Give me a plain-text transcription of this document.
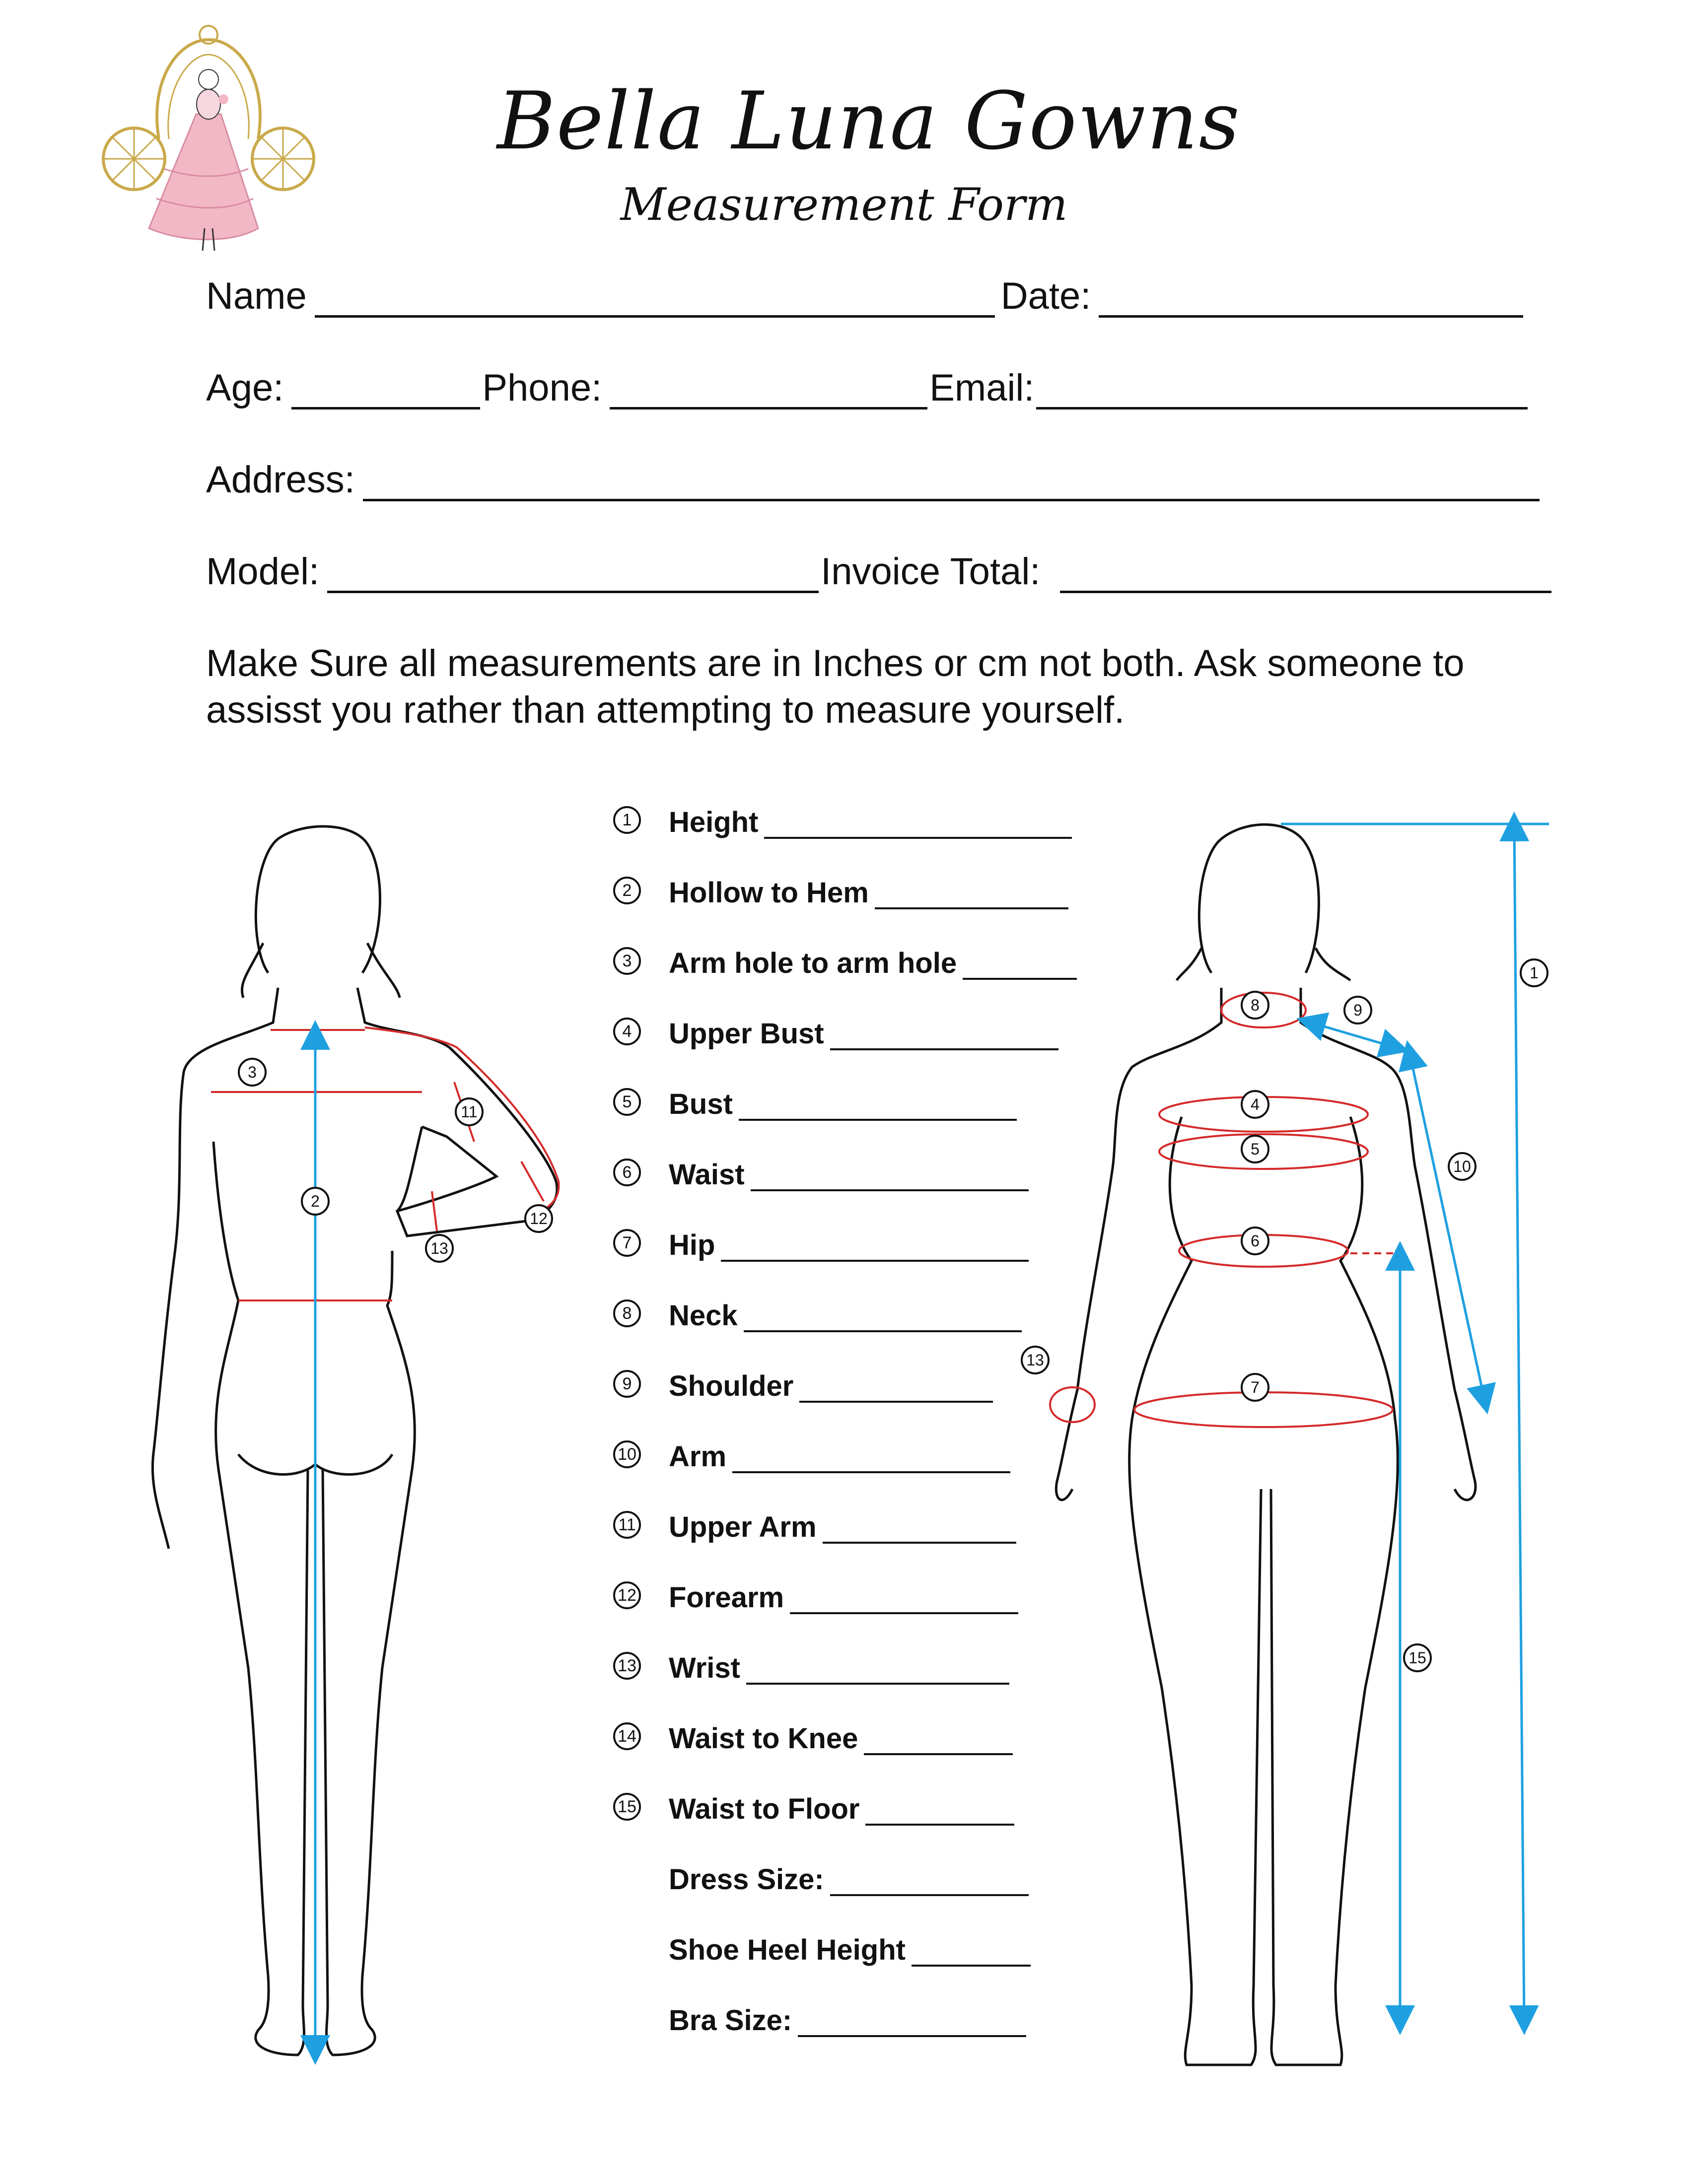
Bella Luna Gowns
Measurement Form
Name	Date:
Age:	Phone:	Email:
Address:
Model:	Invoice Total:
Make Sure all measurements are in Inches or cm not both. Ask someone to assisst you rather than attempting to measure yourself.
1	Height
2	Hollow to Hem
3	Arm hole to arm hole
4	Upper Bust
5	Bust
6	Waist
7	Hip
8	Neck
9	Shoulder
10 Arm
11 Upper Arm
12 Forearm
13 Wrist
14 Waist to Knee
15 Waist to Floor
Dress Size:
Shoe Heel Height
Bra Size:
2
3
11
12
13
1
4
5
6
7
8	9
10
13
15
